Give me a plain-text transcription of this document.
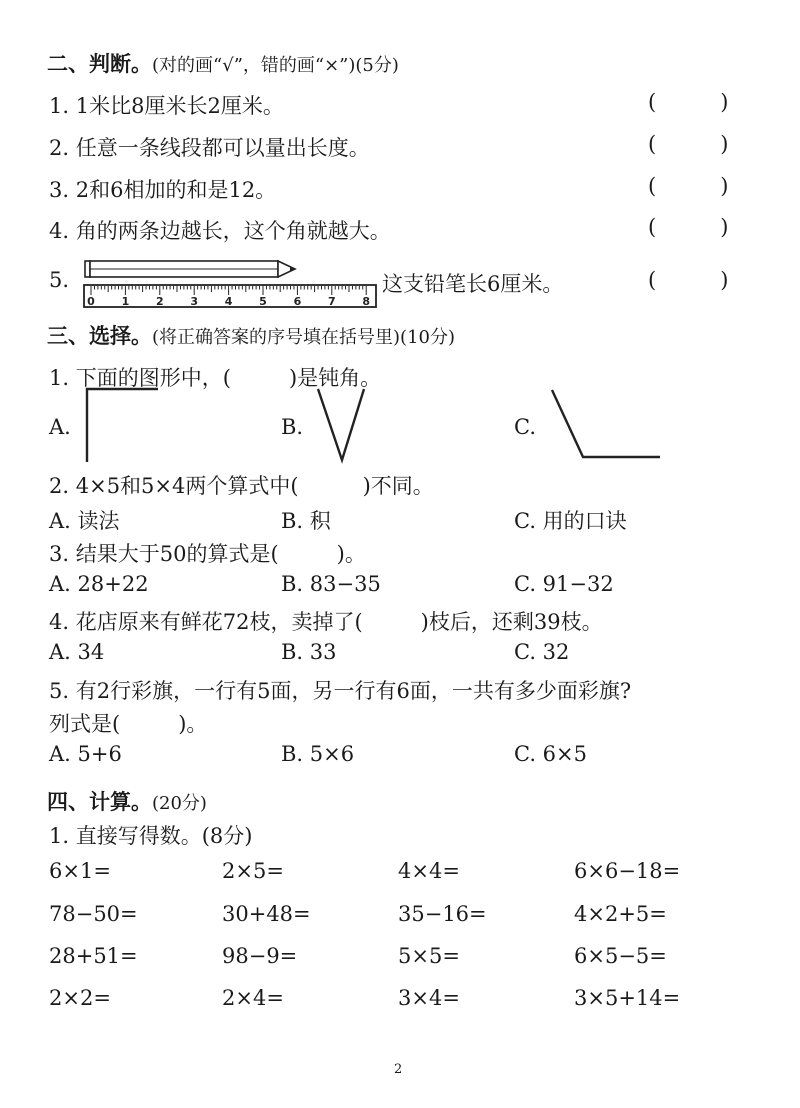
二、判断。(对的画“√”，错的画“×”)(5分)
1. 1米比8厘米长2厘米。	(	)
2. 任意一条线段都可以量出长度。	(	)
3. 2和6相加的和是12。	(	)
4. 角的两条边越长，这个角就越大。	(	)
5.
0 1 2 3 4 5 6 7 8
这支铅笔长6厘米。	(	)
三、选择。(将正确答案的序号填在括号里)(10分)
1. 下面的图形中，(	)是钝角。
A.	B.	C.
2. 4×5和5×4两个算式中(	)不同。
A. 读法	B. 积	C. 用的口诀
3. 结果大于50的算式是(	)。
A. 28+22	B. 83−35	C. 91−32
4. 花店原来有鲜花72枝，卖掉了(	)枝后，还剩39枝。
A. 34	B. 33	C. 32
5. 有2行彩旗，一行有5面，另一行有6面，一共有多少面彩旗?
列式是(	)。
A. 5+6	B. 5×6	C. 6×5
四、计算。(20分)
1. 直接写得数。(8分)
6×1=	2×5=	4×4=	6×6−18=
78−50=	30+48=	35−16=	4×2+5=
28+51=	98−9=	5×5=	6×5−5=
2×2=	2×4=	3×4=	3×5+14=
2
